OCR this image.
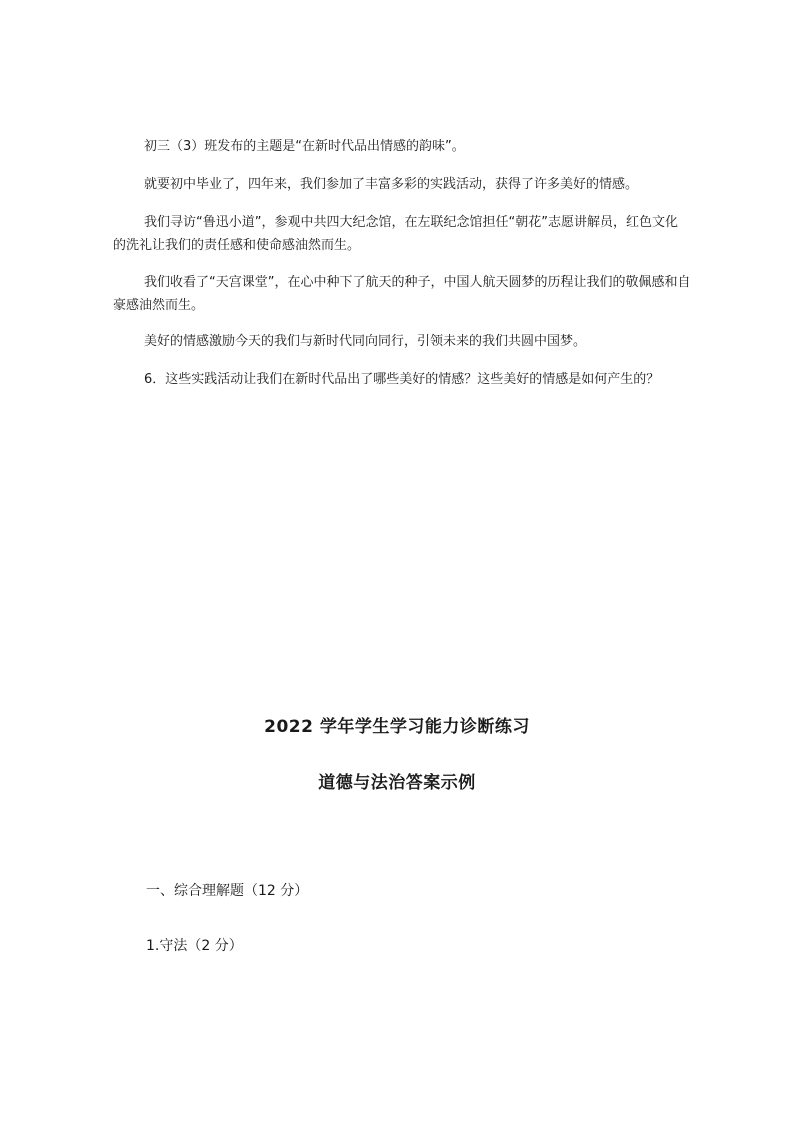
初三（3）班发布的主题是“在新时代品出情感的韵味”。

就要初中毕业了，四年来，我们参加了丰富多彩的实践活动，获得了许多美好的情感。

我们寻访“鲁迅小道”，参观中共四大纪念馆，在左联纪念馆担任“朝花”志愿讲解员，红色文化

的洗礼让我们的责任感和使命感油然而生。

我们收看了“天宫课堂”，在心中种下了航天的种子，中国人航天圆梦的历程让我们的敬佩感和自

豪感油然而生。

美好的情感激励今天的我们与新时代同向同行，引领未来的我们共圆中国梦。

6．这些实践活动让我们在新时代品出了哪些美好的情感？这些美好的情感是如何产生的？

2022 学年学生学习能力诊断练习
道德与法治答案示例

一、综合理解题（12 分）

1.守法（2 分）
